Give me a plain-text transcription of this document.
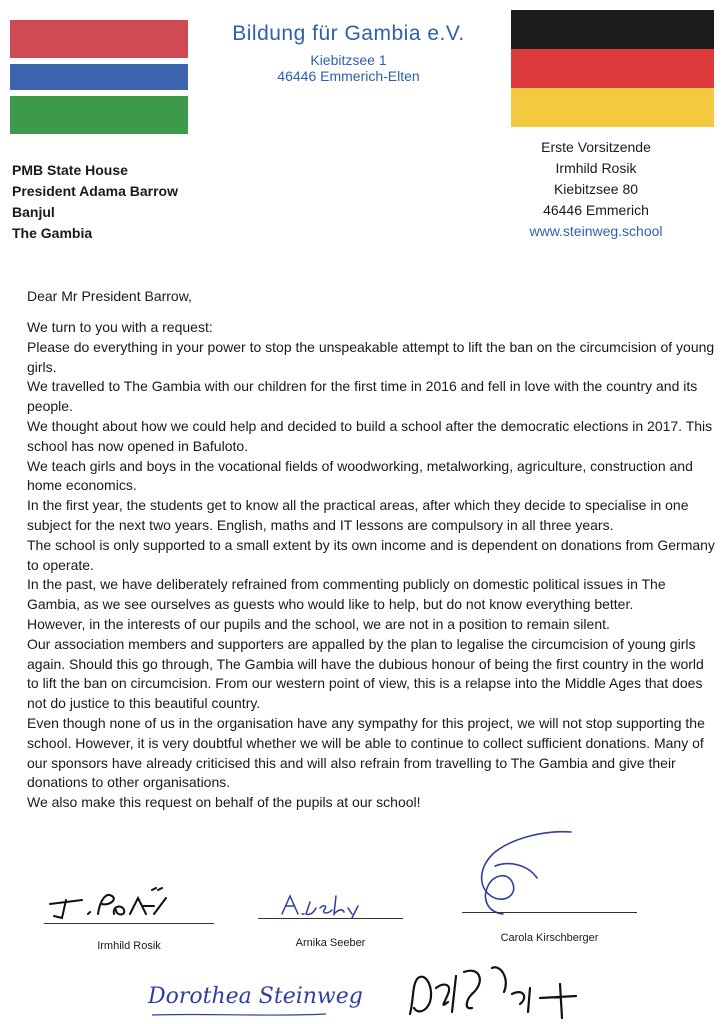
Bildung für Gambia e.V.
Kiebitzsee 1
46446 Emmerich-Elten
PMB State House
President Adama Barrow
Banjul
The Gambia
Erste Vorsitzende
Irmhild Rosik
Kiebitzsee 80
46446 Emmerich
www.steinweg.school
Dear Mr President Barrow,

We turn to you with a request:

Please do everything in your power to stop the unspeakable attempt to lift the ban on the circumcision of young girls.

We travelled to The Gambia with our children for the first time in 2016 and fell in love with the country and its people.

We thought about how we could help and decided to build a school after the democratic elections in 2017. This school has now opened in Bafuloto.

We teach girls and boys in the vocational fields of woodworking, metalworking, agriculture, construction and home economics.

In the first year, the students get to know all the practical areas, after which they decide to specialise in one subject for the next two years. English, maths and IT lessons are compulsory in all three years.

The school is only supported to a small extent by its own income and is dependent on donations from Germany to operate.

In the past, we have deliberately refrained from commenting publicly on domestic political issues in The Gambia, as we see ourselves as guests who would like to help, but do not know everything better.

However, in the interests of our pupils and the school, we are not in a position to remain silent.

Our association members and supporters are appalled by the plan to legalise the circumcision of young girls again. Should this go through, The Gambia will have the dubious honour of being the first country in the world to lift the ban on circumcision. From our western point of view, this is a relapse into the Middle Ages that does not do justice to this beautiful country.

Even though none of us in the organisation have any sympathy for this project, we will not stop supporting the school. However, it is very doubtful whether we will be able to continue to collect sufficient donations. Many of our sponsors have already criticised this and will also refrain from travelling to The Gambia and give their donations to other organisations.

We also make this request on behalf of the pupils at our school!

Irmhild Rosik	Arnika Seeber	Carola Kirschberger
Dorothea Steinweg
